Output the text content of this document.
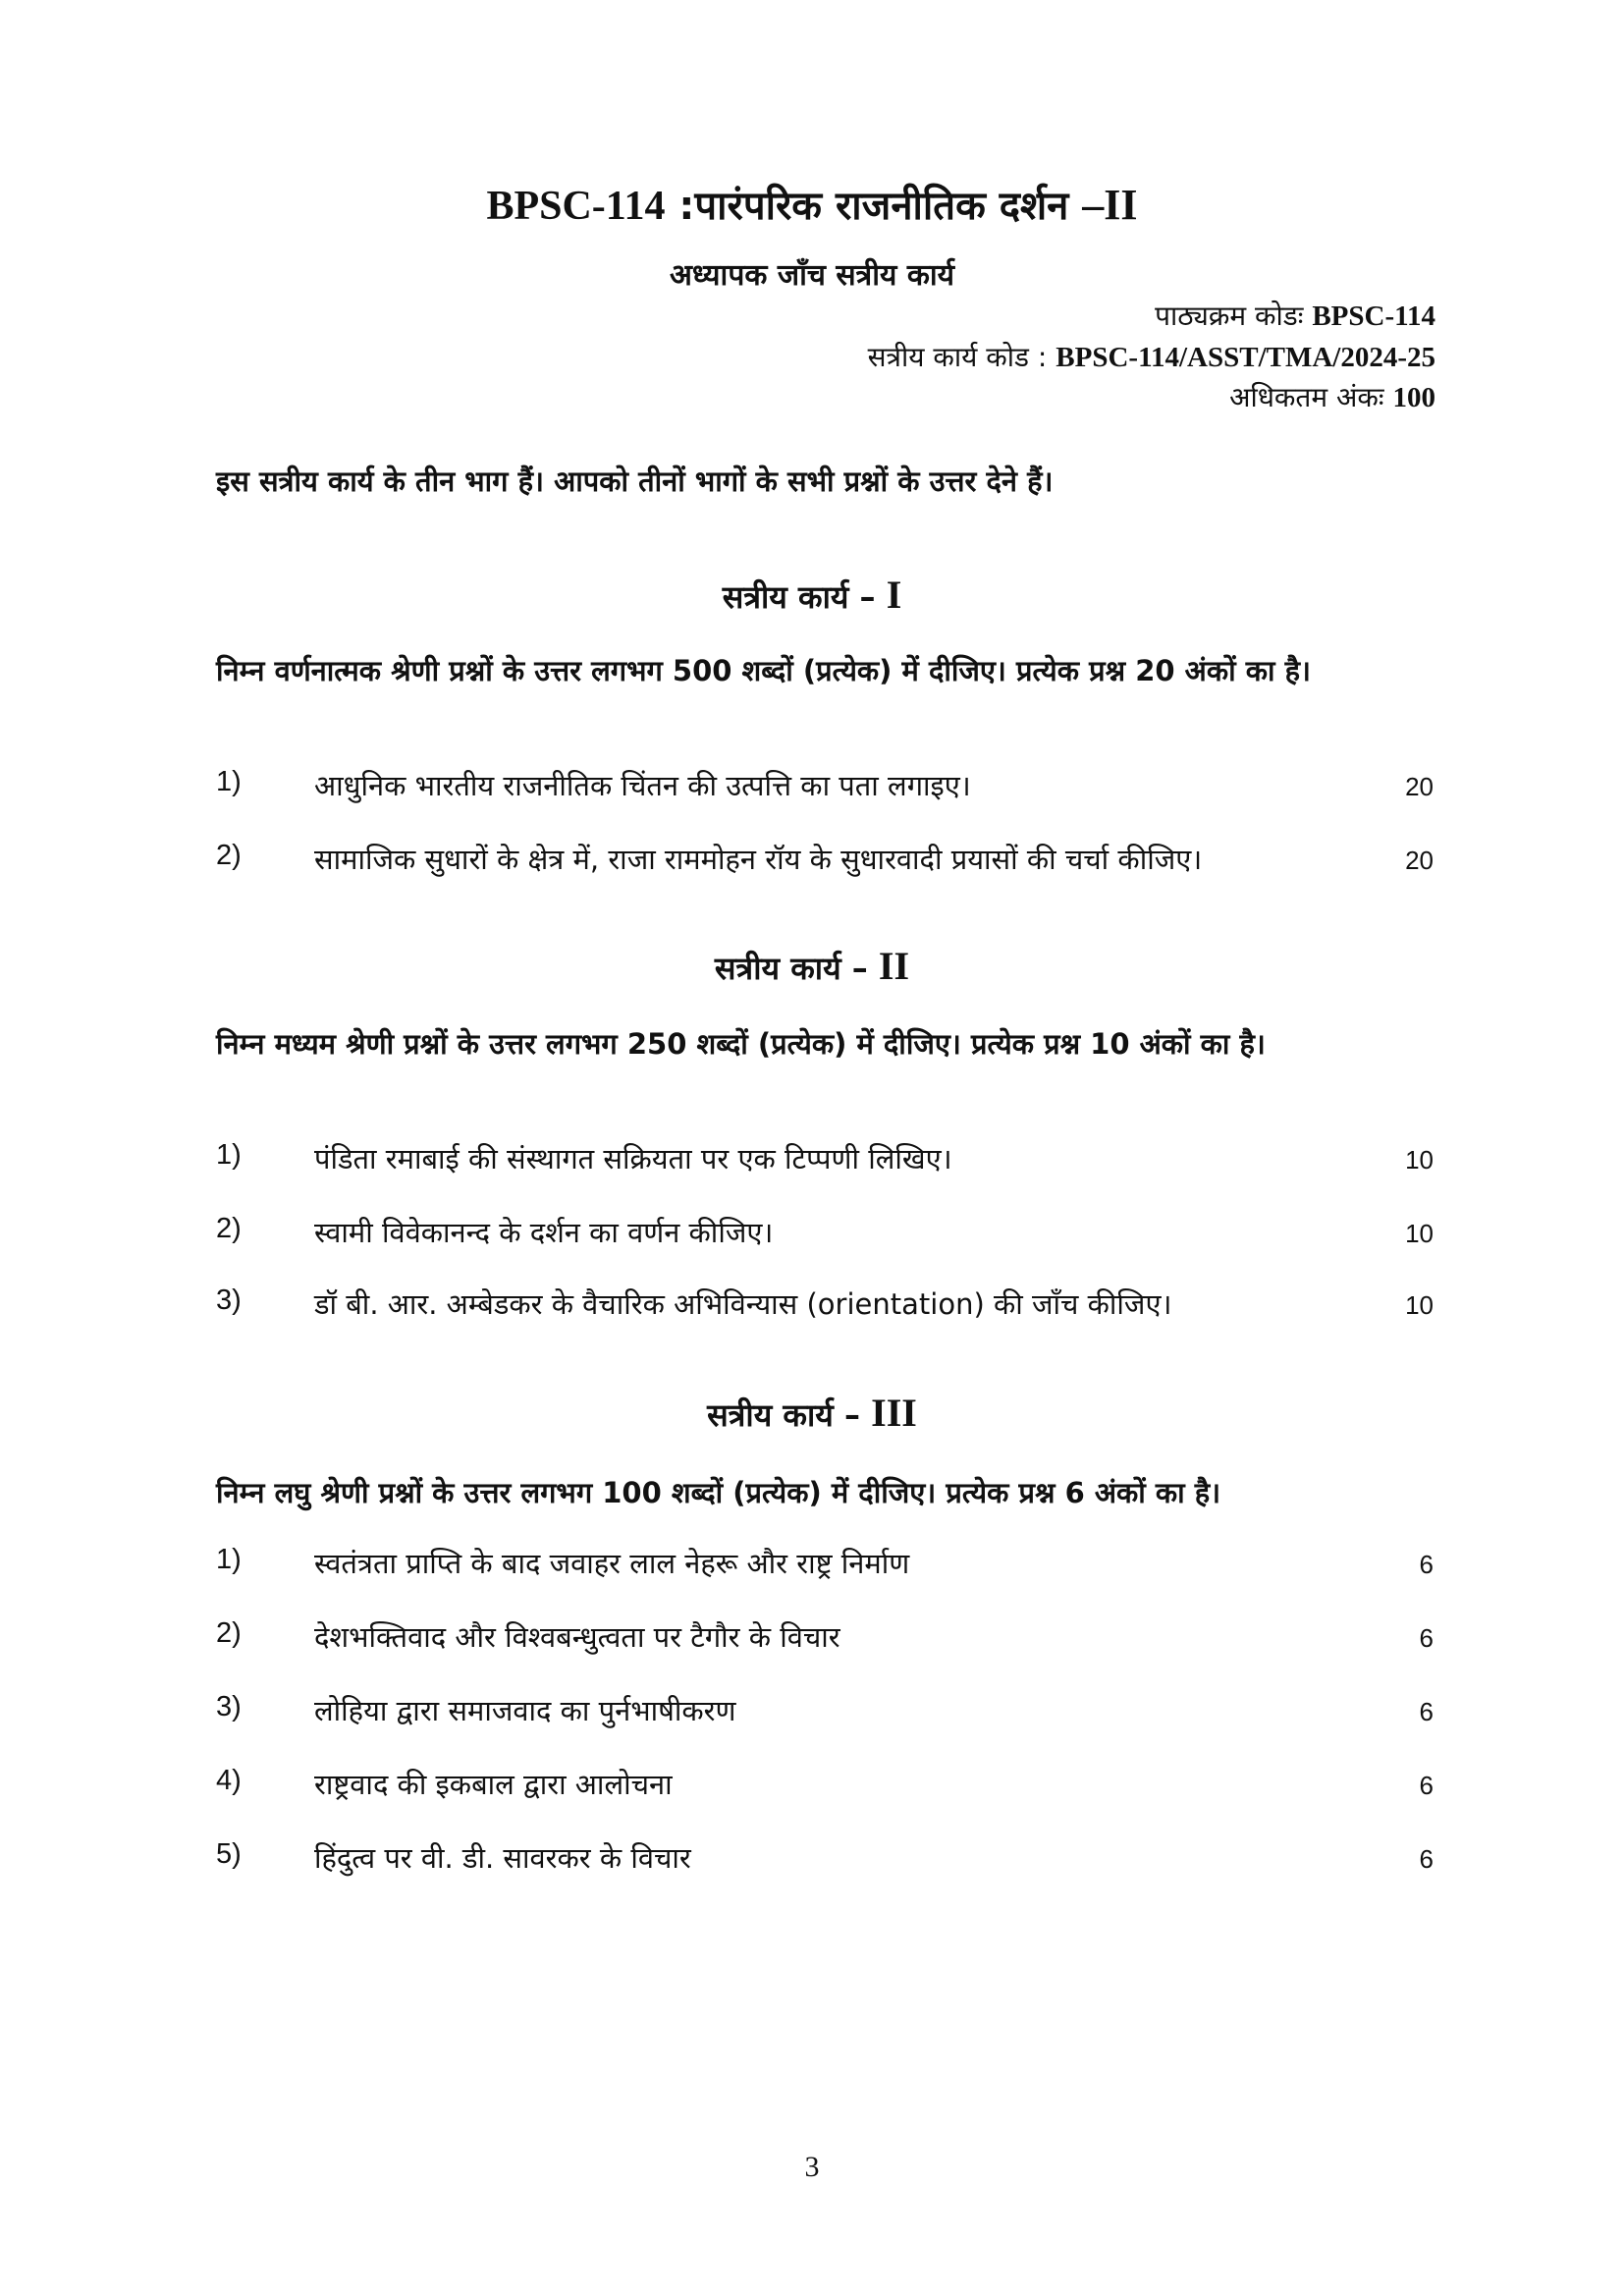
BPSC-114 :पारंपरिक राजनीतिक दर्शन –II
अध्यापक जाँच सत्रीय कार्य
पाठ्यक्रम कोडः BPSC-114
सत्रीय कार्य कोड : BPSC-114/ASST/TMA/2024-25
अधिकतम अंकः 100
इस सत्रीय कार्य के तीन भाग हैं। आपको तीनों भागों के सभी प्रश्नों के उत्तर देने हैं।
सत्रीय कार्य – I
निम्न वर्णनात्मक श्रेणी प्रश्नों के उत्तर लगभग 500 शब्दों (प्रत्येक) में दीजिए। प्रत्येक प्रश्न 20 अंकों का है।
1)	आधुनिक भारतीय राजनीतिक चिंतन की उत्पत्ति का पता लगाइए।	20
2)	सामाजिक सुधारों के क्षेत्र में, राजा राममोहन रॉय के सुधारवादी प्रयासों की चर्चा कीजिए।	20
सत्रीय कार्य – II
निम्न मध्यम श्रेणी प्रश्नों के उत्तर लगभग 250 शब्दों (प्रत्येक) में दीजिए। प्रत्येक प्रश्न 10 अंकों का है।
1)	पंडिता रमाबाई की संस्थागत सक्रियता पर एक टिप्पणी लिखिए।	10
2)	स्वामी विवेकानन्द के दर्शन का वर्णन कीजिए।	10
3)	डॉ बी. आर. अम्बेडकर के वैचारिक अभिविन्यास (orientation) की जाँच कीजिए।	10
सत्रीय कार्य – III
निम्न लघु श्रेणी प्रश्नों के उत्तर लगभग 100 शब्दों (प्रत्येक) में दीजिए। प्रत्येक प्रश्न 6 अंकों का है।
1)	स्वतंत्रता प्राप्ति के बाद जवाहर लाल नेहरू और राष्ट्र निर्माण	6
2)	देशभक्तिवाद और विश्वबन्धुत्वता पर टैगौर के विचार	6
3)	लोहिया द्वारा समाजवाद का पुर्नभाषीकरण	6
4)	राष्ट्रवाद की इकबाल द्वारा आलोचना	6
5)	हिंदुत्व पर वी. डी. सावरकर के विचार	6
3
